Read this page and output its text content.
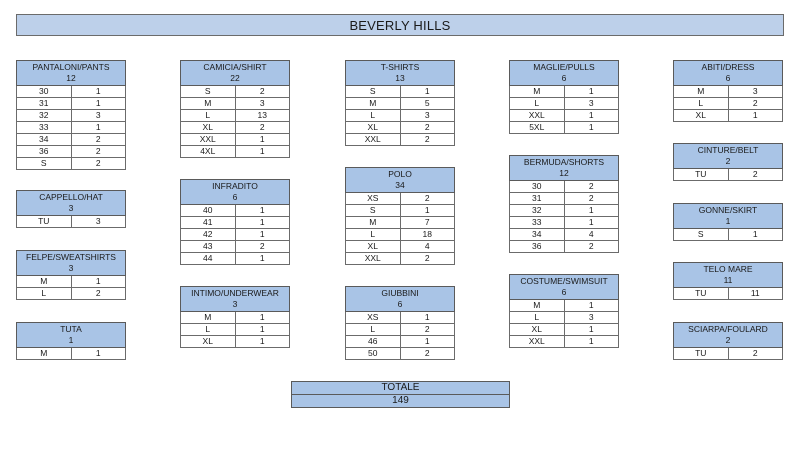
BEVERLY HILLS
PANTALONI/PANTS
12
30	1
31	1
32	3
33	1
34	2
36	2
S	2
CAPPELLO/HAT
3
TU	3
FELPE/SWEATSHIRTS
3
M	1
L	2
TUTA
1
M	1
CAMICIA/SHIRT
22
S	2
M	3
L	13
XL	2
XXL	1
4XL	1
INFRADITO
6
40	1
41	1
42	1
43	2
44	1
INTIMO/UNDERWEAR
3
M	1
L	1
XL	1
T-SHIRTS
13
S	1
M	5
L	3
XL	2
XXL	2
POLO
34
XS	2
S	1
M	7
L	18
XL	4
XXL	2
GIUBBINI
6
XS	1
L	2
46	1
50	2
MAGLIE/PULLS
6
M	1
L	3
XXL	1
5XL	1
BERMUDA/SHORTS
12
30	2
31	2
32	1
33	1
34	4
36	2
COSTUME/SWIMSUIT
6
M	1
L	3
XL	1
XXL	1
ABITI/DRESS
6
M	3
L	2
XL	1
CINTURE/BELT
2
TU	2
GONNE/SKIRT
1
S	1
TELO MARE
11
TU	11
SCIARPA/FOULARD
2
TU	2
TOTALE
149
